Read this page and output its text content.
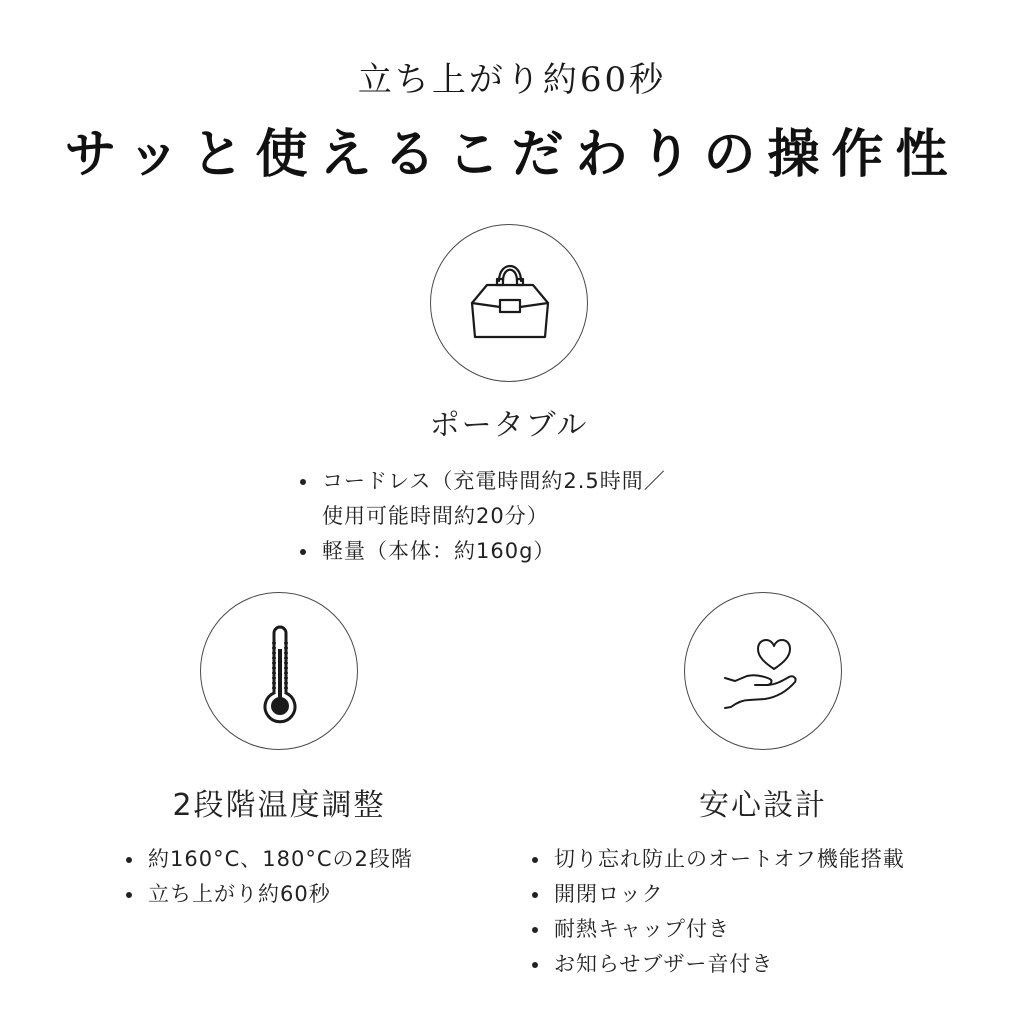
立ち上がり約60秒
サッと使えるこだわりの操作性
ポータブル
コードレス（充電時間約2.5時間／
使用可能時間約20分）
軽量（本体：約160g）
2段階温度調整
約160°C、180°Cの2段階
立ち上がり約60秒
安心設計
切り忘れ防止のオートオフ機能搭載
開閉ロック
耐熱キャップ付き
お知らせブザー音付き
